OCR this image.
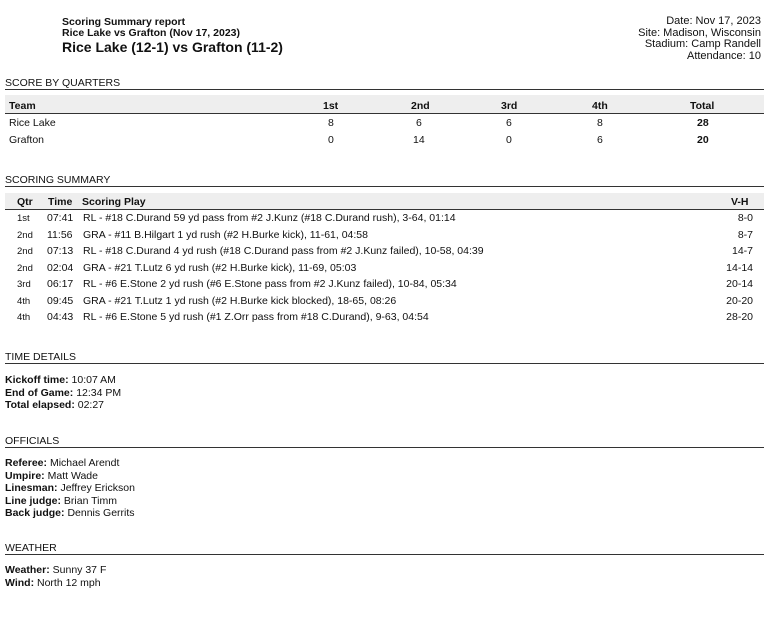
Scoring Summary report
Rice Lake vs Grafton (Nov 17, 2023)
Rice Lake (12-1) vs Grafton (11-2)
Date: Nov 17, 2023
Site: Madison, Wisconsin
Stadium: Camp Randell
Attendance: 10
SCORE BY QUARTERS
Team	1st	2nd	3rd	4th	Total
Rice Lake	8	6	6	8	28
Grafton	0	14	0	6	20
SCORING SUMMARY
Qtr Time Scoring Play	V-H
1st 07:41 RL - #18 C.Durand 59 yd pass from #2 J.Kunz (#18 C.Durand rush), 3-64, 01:14	8-0
2nd 11:56 GRA - #11 B.Hilgart 1 yd rush (#2 H.Burke kick), 11-61, 04:58	8-7
2nd 07:13 RL - #18 C.Durand 4 yd rush (#18 C.Durand pass from #2 J.Kunz failed), 10-58, 04:39	14-7
2nd 02:04 GRA - #21 T.Lutz 6 yd rush (#2 H.Burke kick), 11-69, 05:03	14-14
3rd 06:17 RL - #6 E.Stone 2 yd rush (#6 E.Stone pass from #2 J.Kunz failed), 10-84, 05:34	20-14
4th 09:45 GRA - #21 T.Lutz 1 yd rush (#2 H.Burke kick blocked), 18-65, 08:26	20-20
4th 04:43 RL - #6 E.Stone 5 yd rush (#1 Z.Orr pass from #18 C.Durand), 9-63, 04:54	28-20
TIME DETAILS
Kickoff time: 10:07 AM
End of Game: 12:34 PM
Total elapsed: 02:27
OFFICIALS
Referee: Michael Arendt
Umpire: Matt Wade
Linesman: Jeffrey Erickson
Line judge: Brian Timm
Back judge: Dennis Gerrits
WEATHER
Weather: Sunny 37 F
Wind: North 12 mph
